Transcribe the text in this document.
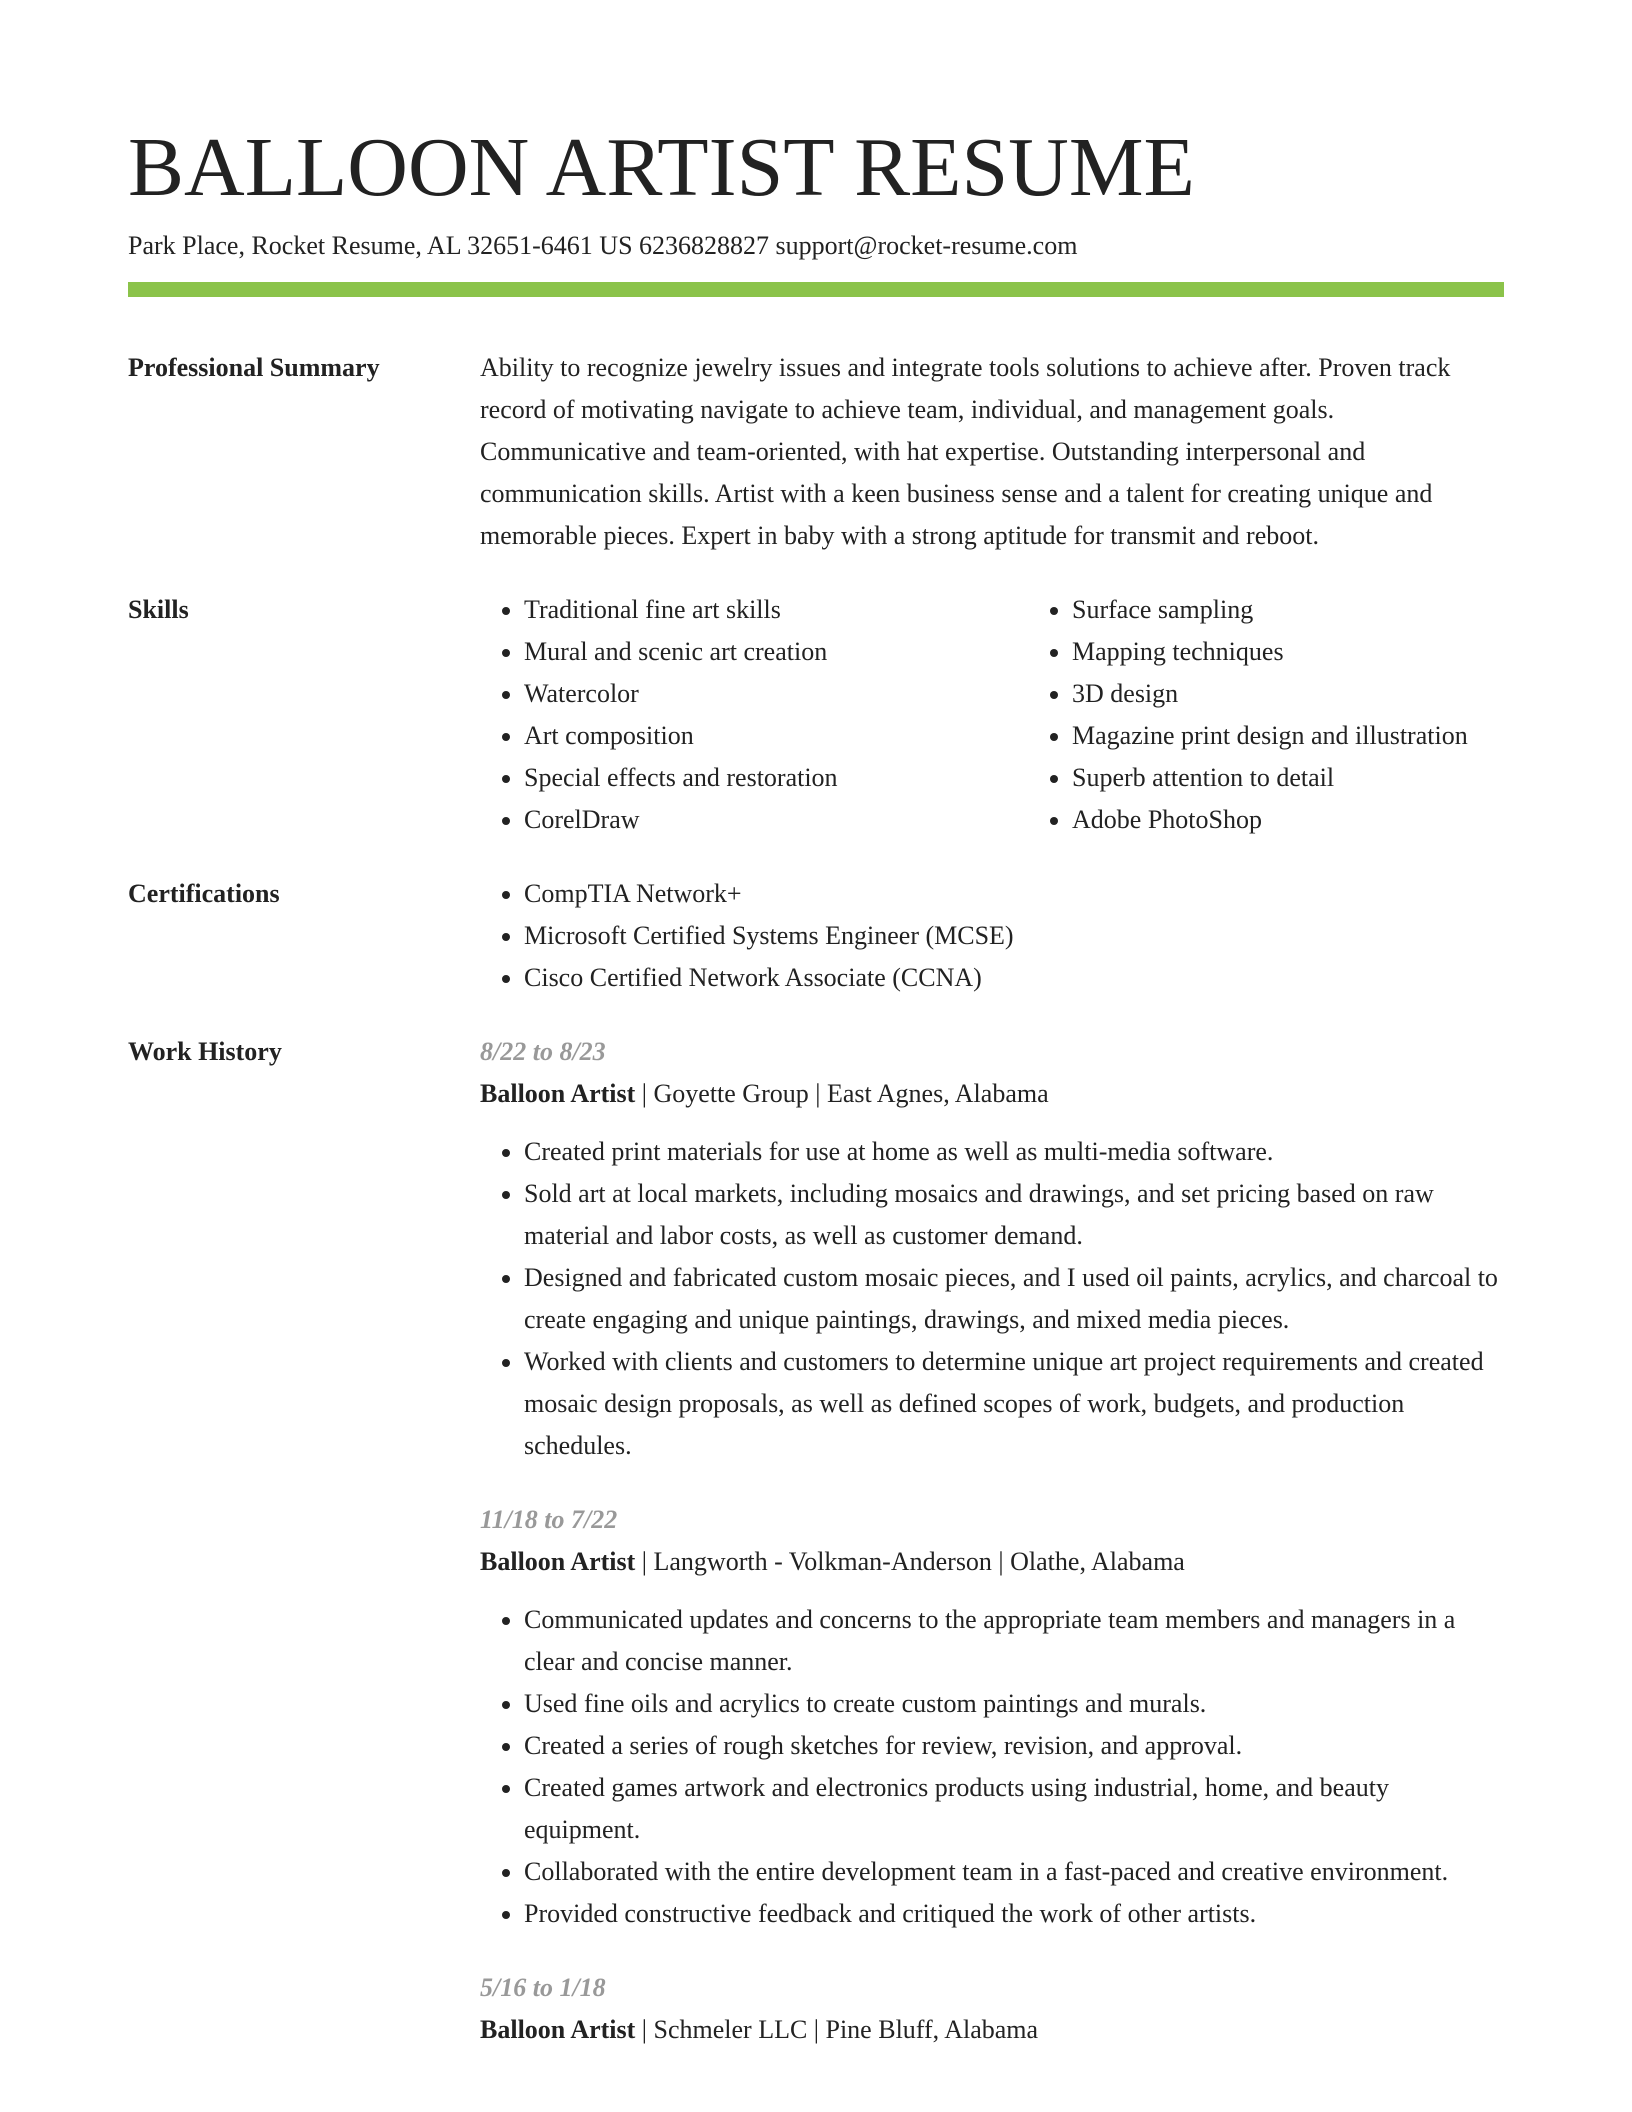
BALLOON ARTIST RESUME
Park Place, Rocket Resume, AL 32651-6461 US 6236828827 support@rocket-resume.com
Professional Summary	Ability to recognize jewelry issues and integrate tools solutions to achieve after. Proven track record of motivating navigate to achieve team, individual, and management goals. Communicative and team-oriented, with hat expertise. Outstanding interpersonal and communication skills. Artist with a keen business sense and a talent for creating unique and memorable pieces. Expert in baby with a strong aptitude for transmit and reboot.
Skills	• Traditional fine art skills
• Mural and scenic art creation
• Watercolor
• Art composition
• Special effects and restoration
• CorelDraw
• Surface sampling
• Mapping techniques
• 3D design
• Magazine print design and illustration
• Superb attention to detail
• Adobe PhotoShop
Certifications	• CompTIA Network+
• Microsoft Certified Systems Engineer (MCSE)
• Cisco Certified Network Associate (CCNA)
Work History	8/22 to 8/23
Balloon Artist | Goyette Group | East Agnes, Alabama
• Created print materials for use at home as well as multi-media software.
• Sold art at local markets, including mosaics and drawings, and set pricing based on raw material and labor costs, as well as customer demand.
• Designed and fabricated custom mosaic pieces, and I used oil paints, acrylics, and charcoal to create engaging and unique paintings, drawings, and mixed media pieces.
• Worked with clients and customers to determine unique art project requirements and created mosaic design proposals, as well as defined scopes of work, budgets, and production schedules.
11/18 to 7/22
Balloon Artist | Langworth - Volkman-Anderson | Olathe, Alabama
• Communicated updates and concerns to the appropriate team members and managers in a clear and concise manner.
• Used fine oils and acrylics to create custom paintings and murals.
• Created a series of rough sketches for review, revision, and approval.
• Created games artwork and electronics products using industrial, home, and beauty equipment.
• Collaborated with the entire development team in a fast-paced and creative environment.
• Provided constructive feedback and critiqued the work of other artists.
5/16 to 1/18
Balloon Artist | Schmeler LLC | Pine Bluff, Alabama
